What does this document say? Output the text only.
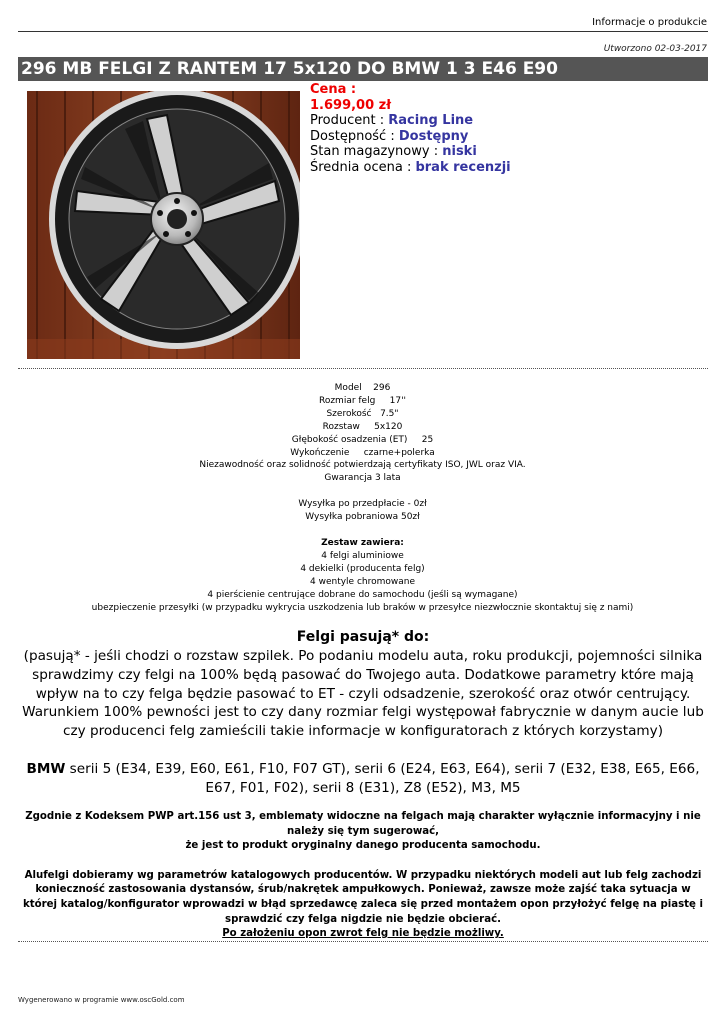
Informacje o produkcie
Utworzono 02-03-2017
296 MB FELGI Z RANTEM 17 5x120 DO BMW 1 3 E46 E90
Cena :
1.699,00 zł
Producent : Racing Line
Dostępność : Dostępny
Stan magazynowy : niski
Średnia ocena : brak recenzji
Model    296
Rozmiar felg     17''
Szerokość   7.5"
Rozstaw     5x120
Głębokość osadzenia (ET)     25
Wykończenie     czarne+polerka
Niezawodność oraz solidność potwierdzają certyfikaty ISO, JWL oraz VIA.
Gwarancja 3 lata
Wysyłka po przedpłacie - 0zł
Wysyłka pobraniowa 50zł
Zestaw zawiera:
4 felgi aluminiowe
4 dekielki (producenta felg)
4 wentyle chromowane
4 pierścienie centrujące dobrane do samochodu (jeśli są wymagane)
ubezpieczenie przesyłki (w przypadku wykrycia uszkodzenia lub braków w przesyłce niezwłocznie skontaktuj się z nami)
Felgi pasują* do:
(pasują* - jeśli chodzi o rozstaw szpilek. Po podaniu modelu auta, roku produkcji, pojemności silnika sprawdzimy czy felgi na 100% będą pasować do Twojego auta. Dodatkowe parametry które mają wpływ na to czy felga będzie pasować to ET - czyli odsadzenie, szerokość oraz otwór centrujący. Warunkiem 100% pewności jest to czy dany rozmiar felgi występował fabrycznie w danym aucie lub czy producenci felg zamieścili takie informacje w konfiguratorach z których korzystamy)
BMW serii 5 (E34, E39, E60, E61, F10, F07 GT), serii 6 (E24, E63, E64), serii 7 (E32, E38, E65, E66, E67, F01, F02), serii 8 (E31), Z8 (E52), M3, M5
Zgodnie z Kodeksem PWP art.156 ust 3, emblematy widoczne na felgach mają charakter wyłącznie informacyjny i nie należy się tym sugerować,
że jest to produkt oryginalny danego producenta samochodu.
Alufelgi dobieramy wg parametrów katalogowych producentów. W przypadku niektórych modeli aut lub felg zachodzi konieczność zastosowania dystansów, śrub/nakrętek ampułkowych. Ponieważ, zawsze może zajść taka sytuacja w której katalog/konfigurator wprowadzi w błąd sprzedawcę zaleca się przed montażem opon przyłożyć felgę na piastę i sprawdzić czy felga nigdzie nie będzie obcierać.
Po założeniu opon zwrot felg nie będzie możliwy.
Wygenerowano w programie www.oscGold.com
